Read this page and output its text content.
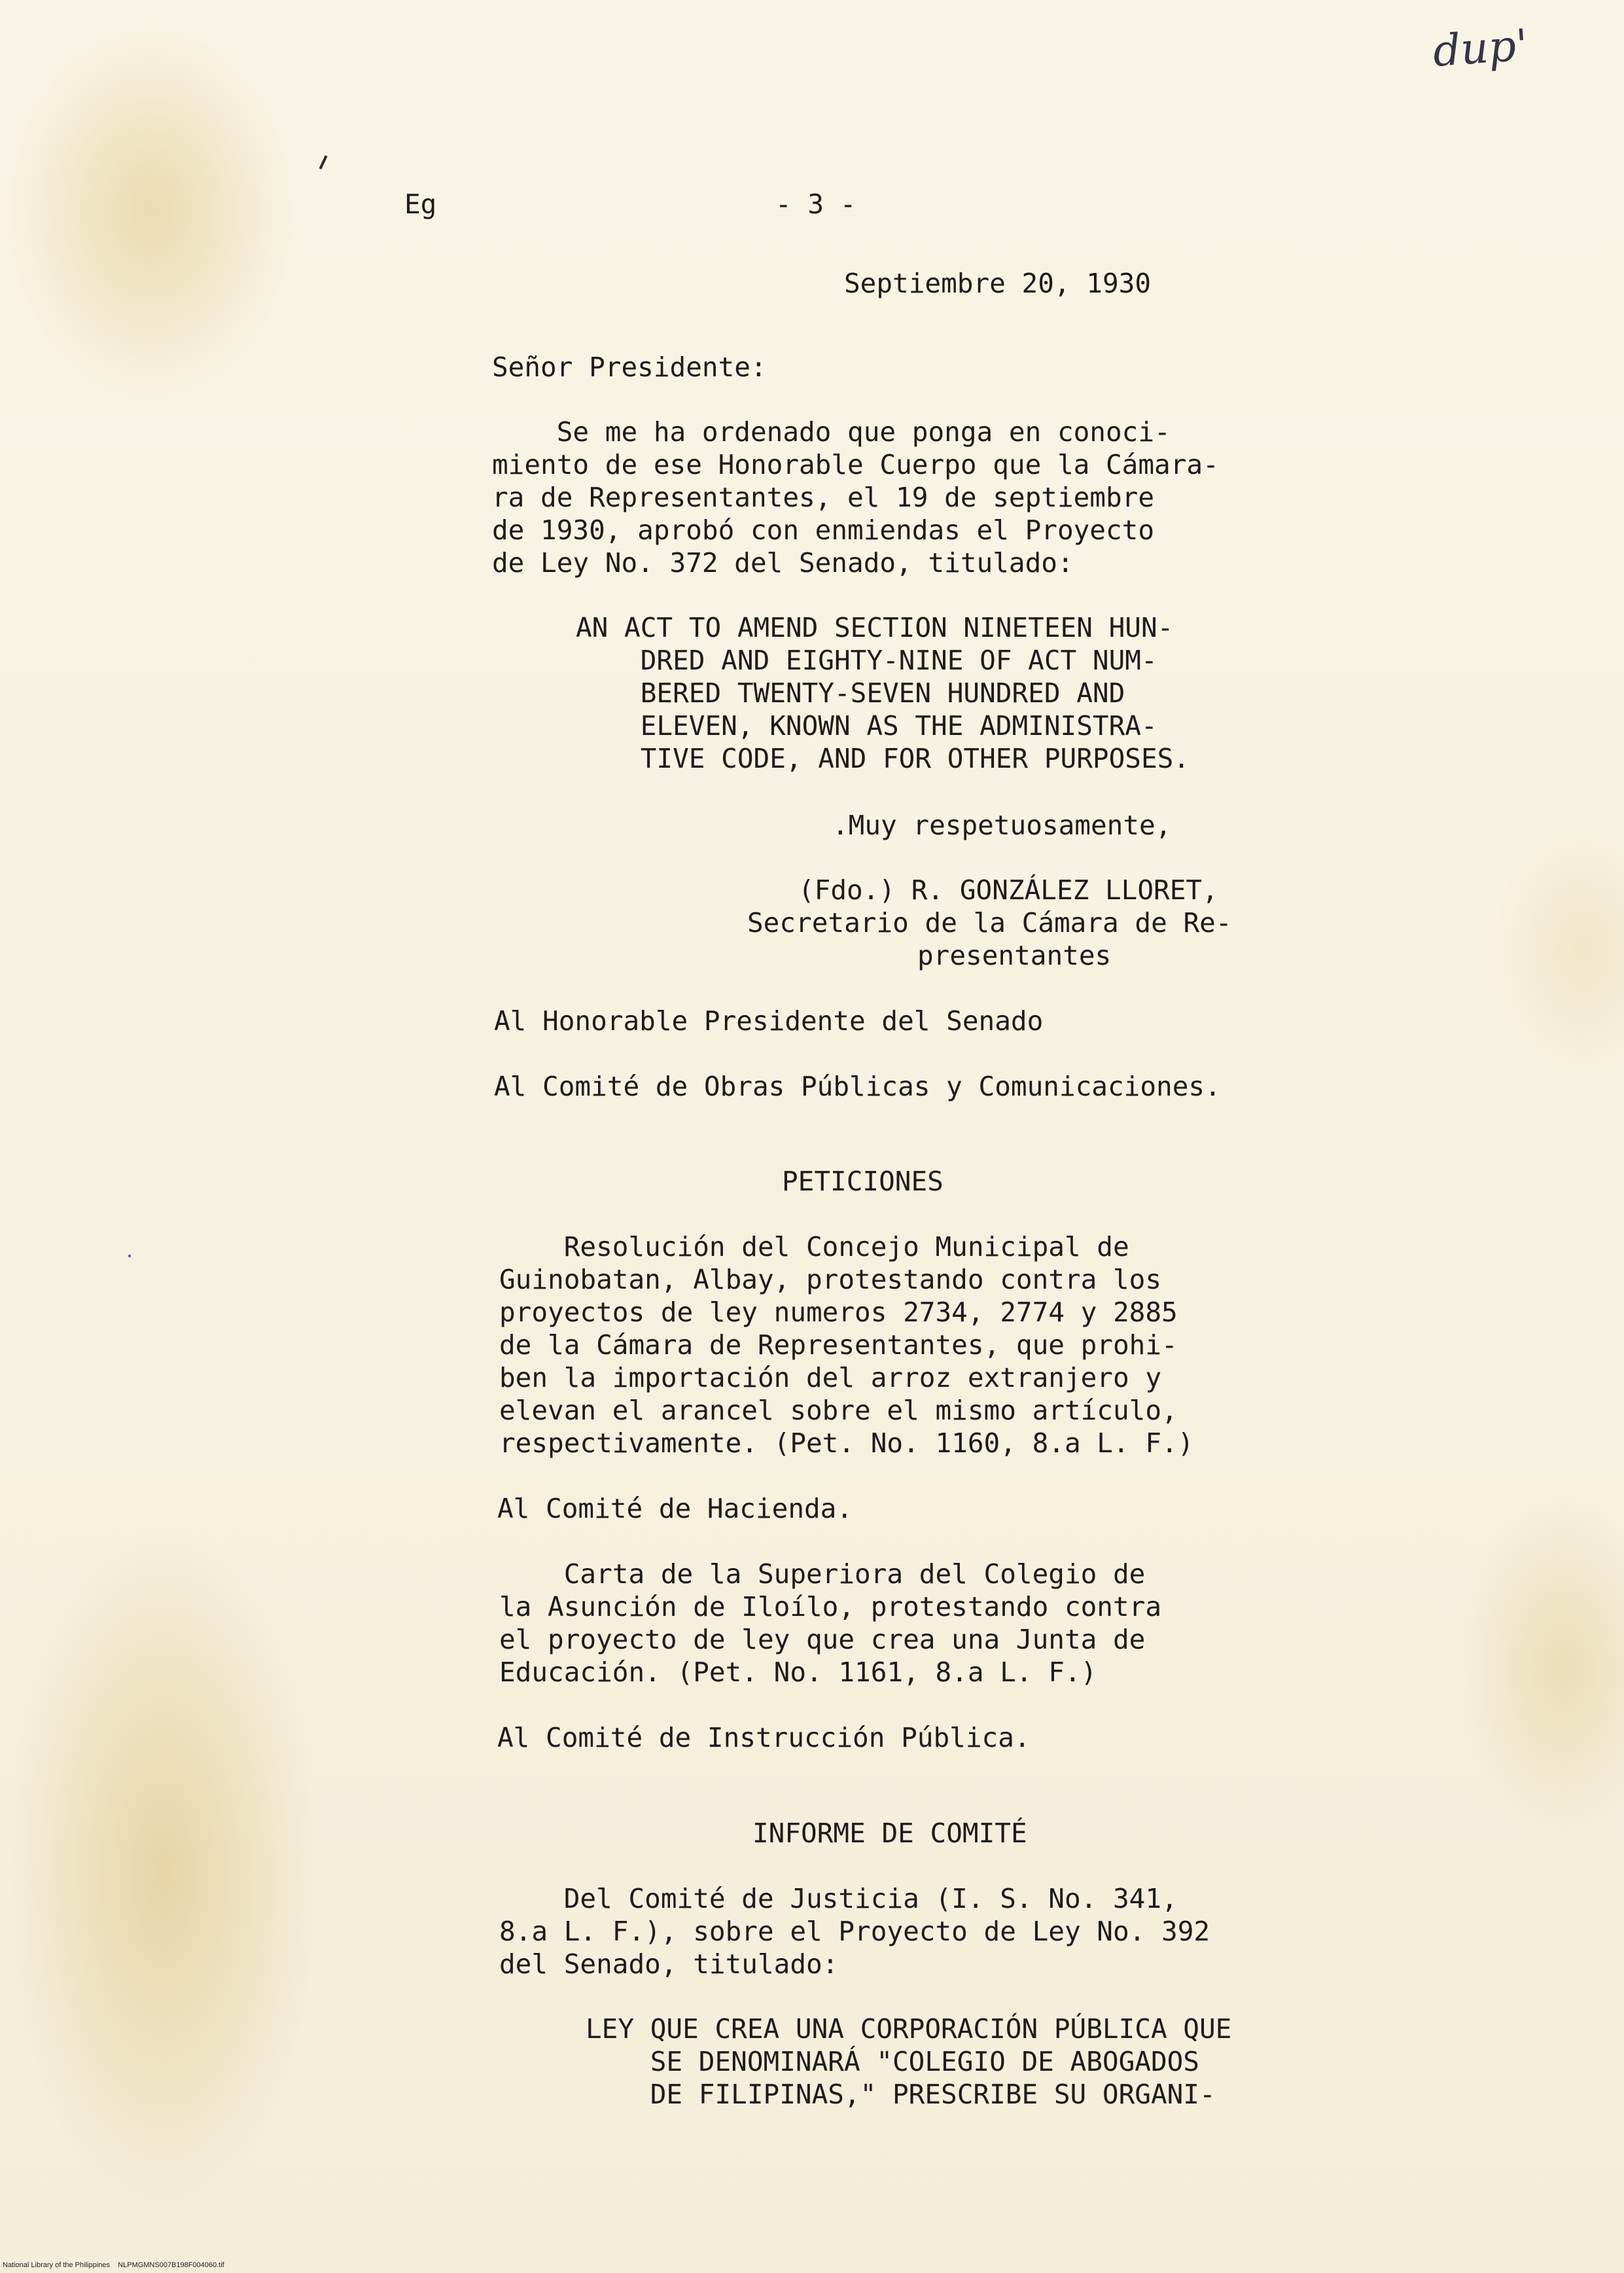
dup'
Eg	- 3 -
Septiembre 20, 1930
Señor Presidente:
Se me ha ordenado que ponga en conoci-
miento de ese Honorable Cuerpo que la Cámara-
ra de Representantes, el 19 de septiembre
de 1930, aprobó con enmiendas el Proyecto
de Ley No. 372 del Senado, titulado:
AN ACT TO AMEND SECTION NINETEEN HUN-
DRED AND EIGHTY-NINE OF ACT NUM-
BERED TWENTY-SEVEN HUNDRED AND
ELEVEN, KNOWN AS THE ADMINISTRA-
TIVE CODE, AND FOR OTHER PURPOSES.
.Muy respetuosamente,
(Fdo.) R. GONZÁLEZ LLORET,
Secretario de la Cámara de Re-
presentantes
Al Honorable Presidente del Senado
Al Comité de Obras Públicas y Comunicaciones.
PETICIONES
Resolución del Concejo Municipal de
Guinobatan, Albay, protestando contra los
proyectos de ley numeros 2734, 2774 y 2885
de la Cámara de Representantes, que prohi-
ben la importación del arroz extranjero y
elevan el arancel sobre el mismo artículo,
respectivamente. (Pet. No. 1160, 8.a L. F.)
Al Comité de Hacienda.
Carta de la Superiora del Colegio de
la Asunción de Iloílo, protestando contra
el proyecto de ley que crea una Junta de
Educación. (Pet. No. 1161, 8.a L. F.)
Al Comité de Instrucción Pública.
INFORME DE COMITÉ
Del Comité de Justicia (I. S. No. 341,
8.a L. F.), sobre el Proyecto de Ley No. 392
del Senado, titulado:
LEY QUE CREA UNA CORPORACIÓN PÚBLICA QUE
SE DENOMINARÁ "COLEGIO DE ABOGADOS
DE FILIPINAS," PRESCRIBE SU ORGANI-
National Library of the Philippines    NLPMGMNS007B198F004060.tif
